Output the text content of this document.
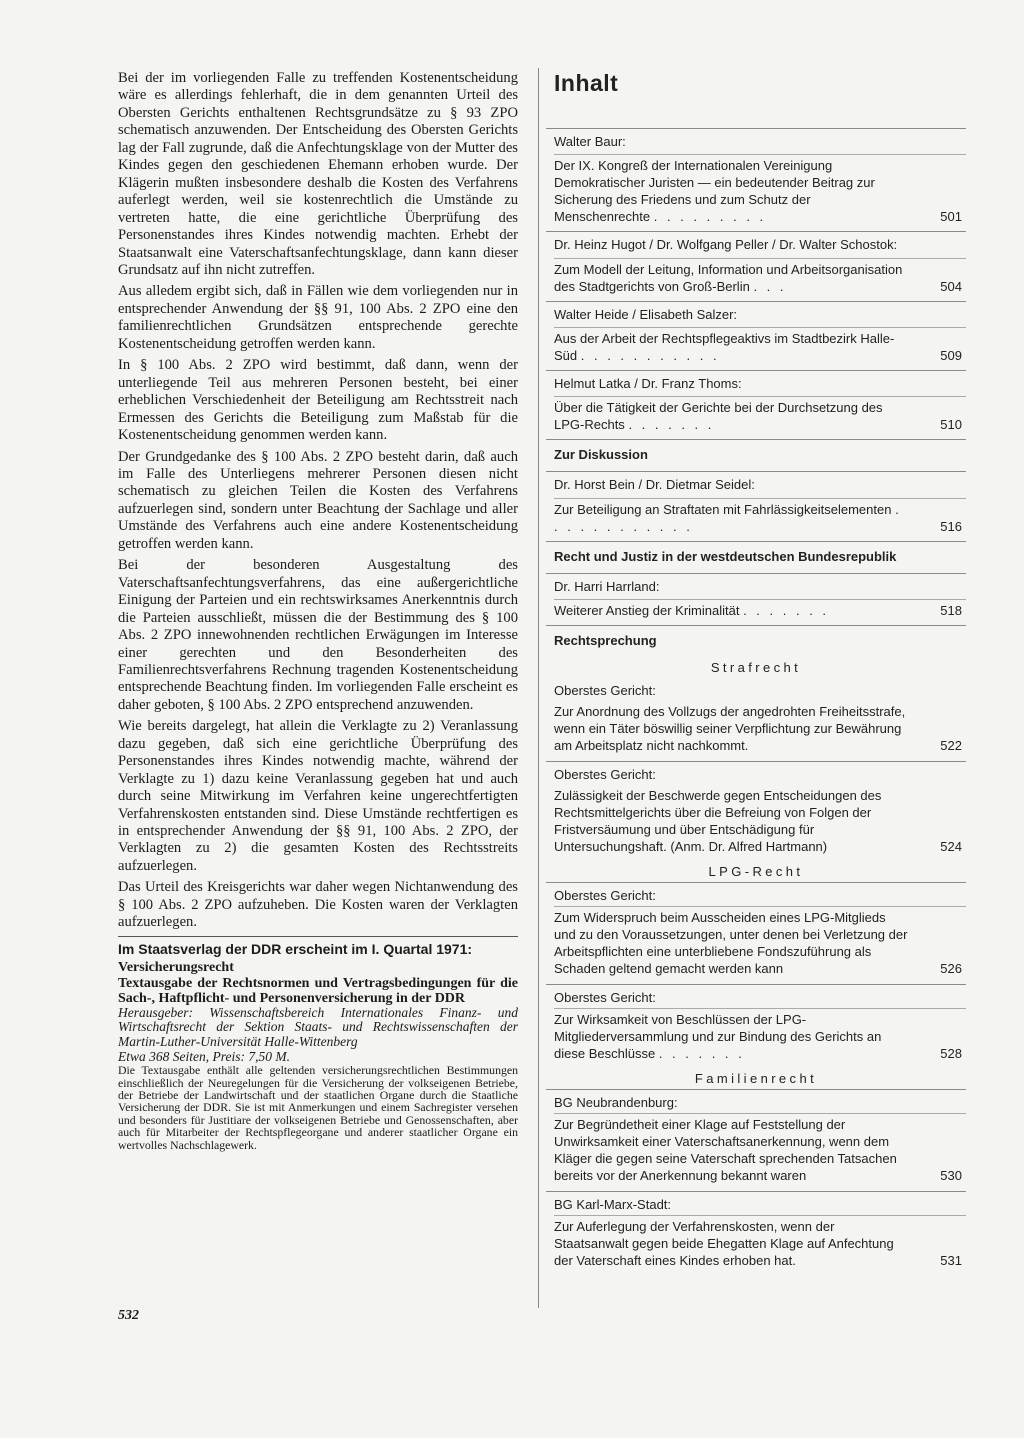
Bei der im vorliegenden Falle zu treffenden Kostenentscheidung wäre es allerdings fehlerhaft, die in dem genannten Urteil des Obersten Gerichts enthaltenen Rechtsgrundsätze zu § 93 ZPO schematisch anzuwenden. Der Entscheidung des Obersten Gerichts lag der Fall zugrunde, daß die Anfechtungsklage von der Mutter des Kindes gegen den geschiedenen Ehemann erhoben wurde. Der Klägerin mußten insbesondere deshalb die Kosten des Verfahrens auferlegt werden, weil sie kostenrechtlich die Umstände zu vertreten hatte, die eine gerichtliche Überprüfung des Personenstandes ihres Kindes notwendig machten. Erhebt der Staatsanwalt eine Vaterschaftsanfechtungsklage, dann kann dieser Grundsatz auf ihn nicht zutreffen.

Aus alledem ergibt sich, daß in Fällen wie dem vorliegenden nur in entsprechender Anwendung der §§ 91, 100 Abs. 2 ZPO eine den familienrechtlichen Grundsätzen entsprechende gerechte Kostenentscheidung getroffen werden kann.

In § 100 Abs. 2 ZPO wird bestimmt, daß dann, wenn der unterliegende Teil aus mehreren Personen besteht, bei einer erheblichen Verschiedenheit der Beteiligung am Rechtsstreit nach Ermessen des Gerichts die Beteiligung zum Maßstab für die Kostenentscheidung genommen werden kann.

Der Grundgedanke des § 100 Abs. 2 ZPO besteht darin, daß auch im Falle des Unterliegens mehrerer Personen diesen nicht schematisch zu gleichen Teilen die Kosten des Verfahrens aufzuerlegen sind, sondern unter Beachtung der Sachlage und aller Umstände des Verfahrens auch eine andere Kostenentscheidung getroffen werden kann.

Bei der besonderen Ausgestaltung des Vaterschaftsanfechtungsverfahrens, das eine außergerichtliche Einigung der Parteien und ein rechtswirksames Anerkenntnis durch die Parteien ausschließt, müssen die der Bestimmung des § 100 Abs. 2 ZPO innewohnenden rechtlichen Erwägungen im Interesse einer gerechten und den Besonderheiten des Familienrechtsverfahrens Rechnung tragenden Kostenentscheidung entsprechende Beachtung finden. Im vorliegenden Falle erscheint es daher geboten, § 100 Abs. 2 ZPO entsprechend anzuwenden.

Wie bereits dargelegt, hat allein die Verklagte zu 2) Veranlassung dazu gegeben, daß sich eine gerichtliche Überprüfung des Personenstandes ihres Kindes notwendig machte, während der Verklagte zu 1) dazu keine Veranlassung gegeben hat und auch durch seine Mitwirkung im Verfahren keine ungerechtfertigten Verfahrenskosten entstanden sind. Diese Umstände rechtfertigen es in entsprechender Anwendung der §§ 91, 100 Abs. 2 ZPO, der Verklagten zu 2) die gesamten Kosten des Rechtsstreits aufzuerlegen.

Das Urteil des Kreisgerichts war daher wegen Nichtanwendung des § 100 Abs. 2 ZPO aufzuheben. Die Kosten waren der Verklagten aufzuerlegen.

Im Staatsverlag der DDR erscheint im I. Quartal 1971:
Versicherungsrecht
Textausgabe der Rechtsnormen und Vertragsbedingungen für die Sach-, Haftpflicht- und Personenversicherung in der DDR
Herausgeber: Wissenschaftsbereich Internationales Finanz- und Wirtschaftsrecht der Sektion Staats- und Rechtswissenschaften der Martin-Luther-Universität Halle-Wittenberg
Etwa 368 Seiten, Preis: 7,50 M.
Die Textausgabe enthält alle geltenden versicherungsrechtlichen Bestimmungen einschließlich der Neuregelungen für die Versicherung der volkseigenen Betriebe, der Betriebe der Landwirtschaft und der staatlichen Organe durch die Staatliche Versicherung der DDR. Sie ist mit Anmerkungen und einem Sachregister versehen und besonders für Justitiare der volkseigenen Betriebe und Genossenschaften, aber auch für Mitarbeiter der Rechtspflegeorgane und anderer staatlicher Organe ein wertvolles Nachschlagewerk.
532
Inhalt
Walter Baur:
Der IX. Kongreß der Internationalen Vereinigung Demokratischer Juristen — ein bedeutender Beitrag zur Sicherung des Friedens und zum Schutz der Menschenrechte . . . . . . . . .	501
Dr. Heinz Hugot / Dr. Wolfgang Peller / Dr. Walter Schostok:
Zum Modell der Leitung, Information und Arbeitsorganisation des Stadtgerichts von Groß-Berlin . . .	504
Walter Heide / Elisabeth Salzer:
Aus der Arbeit der Rechtspflegeaktivs im Stadtbezirk Halle-Süd . . . . . . . . . . .	509
Helmut Latka / Dr. Franz Thoms:
Über die Tätigkeit der Gerichte bei der Durchsetzung des LPG-Rechts . . . . . . .	510
Zur Diskussion
Dr. Horst Bein / Dr. Dietmar Seidel:
Zur Beteiligung an Straftaten mit Fahrlässigkeitselementen . . . . . . . . . . . .	516
Recht und Justiz in der westdeutschen Bundesrepublik
Dr. Harri Harrland:
Weiterer Anstieg der Kriminalität . . . . . . .	518
Rechtsprechung
Strafrecht
Oberstes Gericht:
Zur Anordnung des Vollzugs der angedrohten Freiheitsstrafe, wenn ein Täter böswillig seiner Verpflichtung zur Bewährung am Arbeitsplatz nicht nachkommt.	522
Oberstes Gericht:
Zulässigkeit der Beschwerde gegen Entscheidungen des Rechtsmittelgerichts über die Befreiung von Folgen der Fristversäumung und über Entschädigung für Untersuchungshaft. (Anm. Dr. Alfred Hartmann)	524
LPG-Recht
Oberstes Gericht:
Zum Widerspruch beim Ausscheiden eines LPG-Mitglieds und zu den Voraussetzungen, unter denen bei Verletzung der Arbeitspflichten eine unterbliebene Fondszuführung als Schaden geltend gemacht werden kann	526
Oberstes Gericht:
Zur Wirksamkeit von Beschlüssen der LPG-Mitgliederversammlung und zur Bindung des Gerichts an diese Beschlüsse . . . . . . .	528
Familienrecht
BG Neubrandenburg:
Zur Begründetheit einer Klage auf Feststellung der Unwirksamkeit einer Vaterschaftsanerkennung, wenn dem Kläger die gegen seine Vaterschaft sprechenden Tatsachen bereits vor der Anerkennung bekannt waren	530
BG Karl-Marx-Stadt:
Zur Auferlegung der Verfahrenskosten, wenn der Staatsanwalt gegen beide Ehegatten Klage auf Anfechtung der Vaterschaft eines Kindes erhoben hat.	531
